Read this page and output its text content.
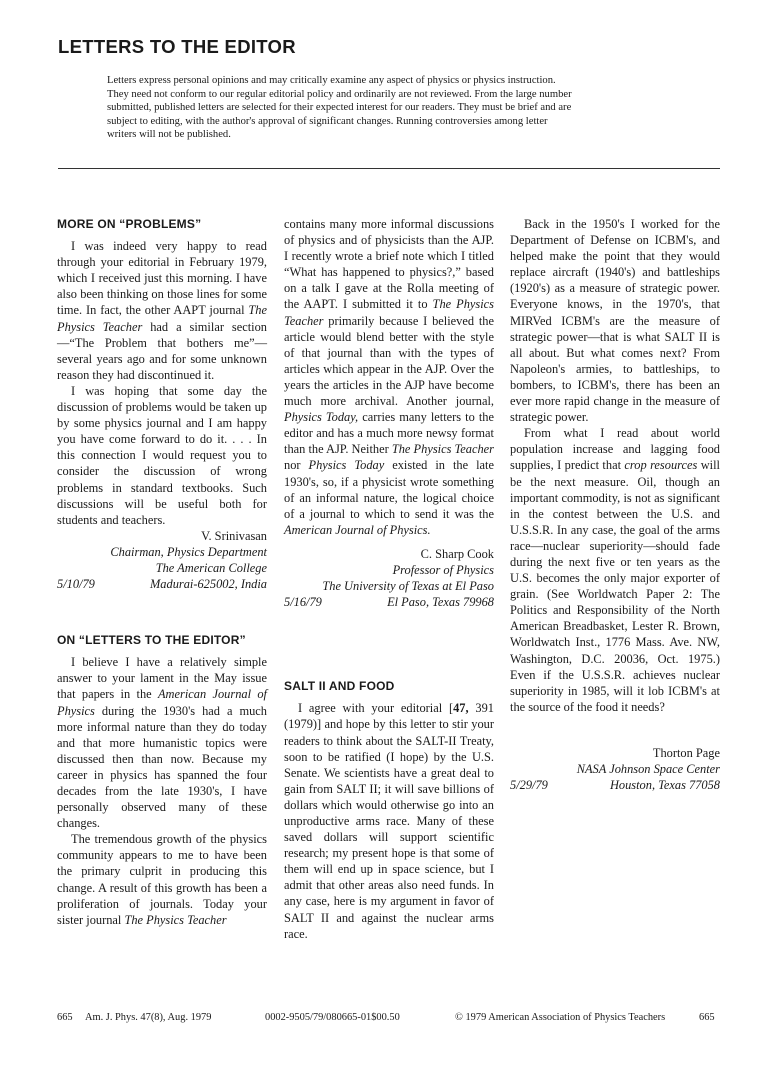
LETTERS TO THE EDITOR

Letters express personal opinions and may critically examine any aspect of physics or physics instruction. They need not conform to our regular editorial policy and ordinarily are not reviewed. From the large number submitted, published letters are selected for their expected interest for our readers. They must be brief and are subject to editing, with the author's approval of significant changes. Running controversies among letter writers will not be published.

MORE ON “PROBLEMS”

I was indeed very happy to read through your editorial in February 1979, which I received just this morning. I have also been thinking on those lines for some time. In fact, the other AAPT journal The Physics Teacher had a similar section—“The Problem that bothers me”—several years ago and for some unknown reason they had discontinued it.

I was hoping that some day the discussion of problems would be taken up by some physics journal and I am happy you have come forward to do it. . . . In this connection I would request you to consider the discussion of wrong problems in standard textbooks. Such discussions will be useful both for students and teachers.

V. Srinivasan

Chairman, Physics Department

The American College

5/10/79	Madurai-625002, India
ON “LETTERS TO THE EDITOR”

I believe I have a relatively simple answer to your lament in the May issue that papers in the American Journal of Physics during the 1930's had a much more informal nature than they do today and that more humanistic topics were discussed then than now. Because my career in physics has spanned the four decades from the late 1930's, I have personally observed many of these changes.

The tremendous growth of the physics community appears to me to have been the primary culprit in producing this change. A result of this growth has been a proliferation of journals. Today your sister journal The Physics Teacher

contains many more informal discussions of physics and of physicists than the AJP. I recently wrote a brief note which I titled “What has happened to physics?,” based on a talk I gave at the Rolla meeting of the AAPT. I submitted it to The Physics Teacher primarily because I believed the article would blend better with the style of that journal than with the types of articles which appear in the AJP. Over the years the articles in the AJP have become much more archival. Another journal, Physics Today, carries many letters to the editor and has a much more newsy format than the AJP. Neither The Physics Teacher nor Physics Today existed in the late 1930's, so, if a physicist wrote something of an informal nature, the logical choice of a journal to which to send it was the American Journal of Physics.

C. Sharp Cook

Professor of Physics

The University of Texas at El Paso

5/16/79	El Paso, Texas 79968
SALT II AND FOOD

I agree with your editorial [47, 391 (1979)] and hope by this letter to stir your readers to think about the SALT-II Treaty, soon to be ratified (I hope) by the U.S. Senate. We scientists have a great deal to gain from SALT II; it will save billions of dollars which would otherwise go into an unproductive arms race. Many of these saved dollars will support scientific research; my present hope is that some of them will end up in space science, but I admit that other areas also need funds. In any case, here is my argument in favor of SALT II and against the nuclear arms race.

Back in the 1950's I worked for the Department of Defense on ICBM's, and helped make the point that they would replace aircraft (1940's) and battleships (1920's) as a measure of strategic power. Everyone knows, in the 1970's, that MIRVed ICBM's are the measure of strategic power—that is what SALT II is all about. But what comes next? From Napoleon's armies, to battleships, to bombers, to ICBM's, there has been an ever more rapid change in the measure of strategic power.

From what I read about world population increase and lagging food supplies, I predict that crop resources will be the next measure. Oil, though an important commodity, is not as significant in the contest between the U.S. and U.S.S.R. In any case, the goal of the arms race—nuclear superiority—should fade during the next five or ten years as the U.S. becomes the only major exporter of grain. (See Worldwatch Paper 2: The Politics and Responsibility of the North American Breadbasket, Lester R. Brown, Worldwatch Inst., 1776 Mass. Ave. NW, Washington, D.C. 20036, Oct. 1975.) Even if the U.S.S.R. achieves nuclear superiority in 1985, will it lob ICBM's at the source of the food it needs?

Thorton Page

NASA Johnson Space Center

5/29/79	Houston, Texas 77058
665	Am. J. Phys. 47(8), Aug. 1979	0002-9505/79/080665-01$00.50	© 1979 American Association of Physics Teachers	665
